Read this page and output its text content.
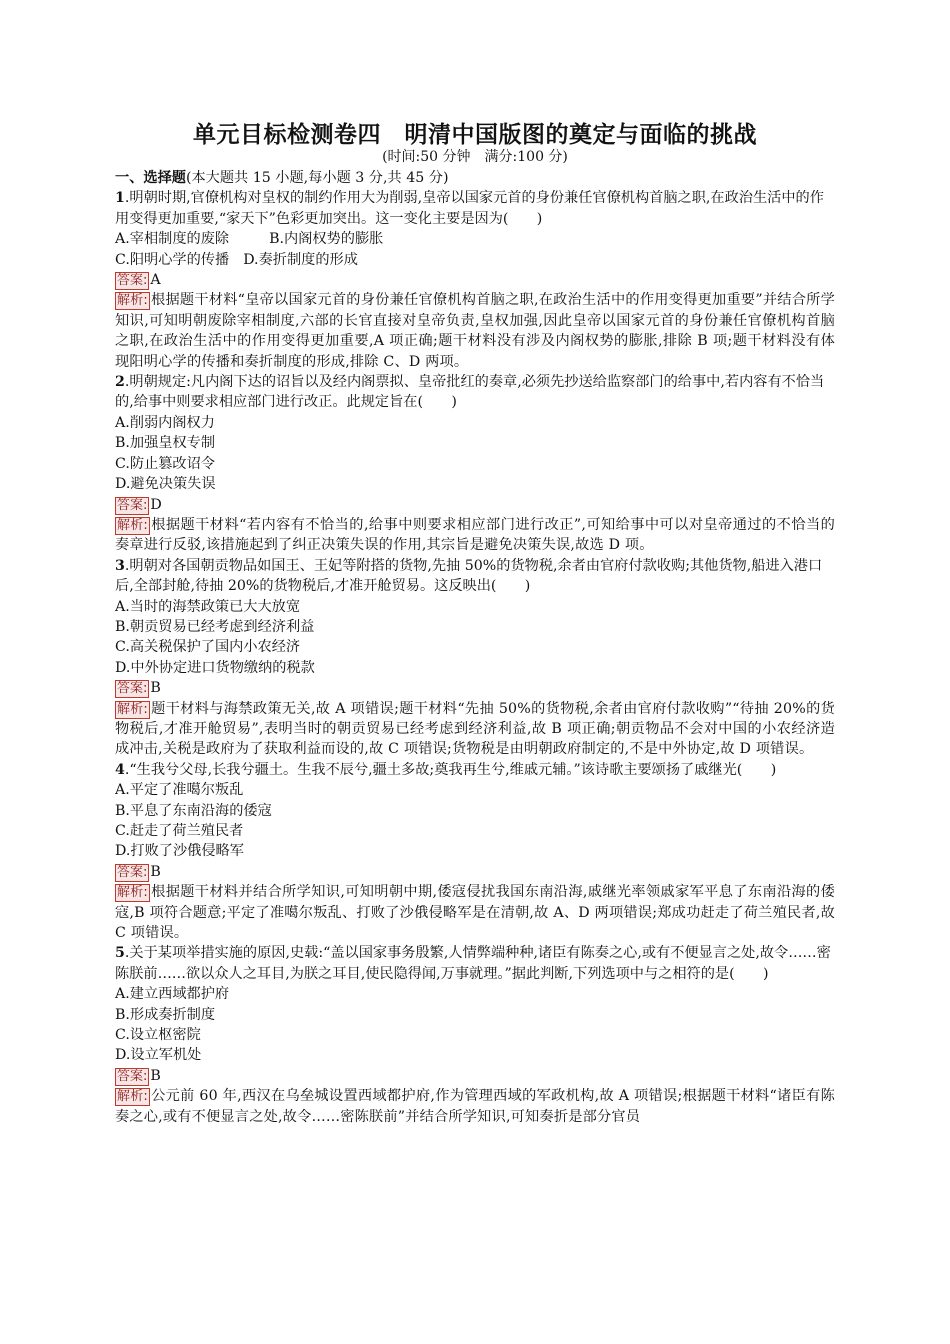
单元目标检测卷四　明清中国版图的奠定与面临的挑战
(时间:50 分钟　满分:100 分)
一、选择题(本大题共 15 小题,每小题 3 分,共 45 分)
1.明朝时期,官僚机构对皇权的制约作用大为削弱,皇帝以国家元首的身份兼任官僚机构首脑之职,在政治生活中的作用变得更加重要,“家天下”色彩更加突出。这一变化主要是因为(　　)
A.宰相制度的废除	B.内阁权势的膨胀
C.阳明心学的传播 D.奏折制度的形成
答案: A
解析: 根据题干材料“皇帝以国家元首的身份兼任官僚机构首脑之职,在政治生活中的作用变得更加重要”并结合所学知识,可知明朝废除宰相制度,六部的长官直接对皇帝负责,皇权加强,因此皇帝以国家元首的身份兼任官僚机构首脑之职,在政治生活中的作用变得更加重要,A 项正确;题干材料没有涉及内阁权势的膨胀,排除 B 项;题干材料没有体现阳明心学的传播和奏折制度的形成,排除 C、D 两项。
2.明朝规定:凡内阁下达的诏旨以及经内阁票拟、皇帝批红的奏章,必须先抄送给监察部门的给事中,若内容有不恰当的,给事中则要求相应部门进行改正。此规定旨在(　　)
A.削弱内阁权力
B.加强皇权专制
C.防止篡改诏令
D.避免决策失误
答案: D
解析: 根据题干材料“若内容有不恰当的,给事中则要求相应部门进行改正”,可知给事中可以对皇帝通过的不恰当的奏章进行反驳,该措施起到了纠正决策失误的作用,其宗旨是避免决策失误,故选 D 项。
3.明朝对各国朝贡物品如国王、王妃等附搭的货物,先抽 50%的货物税,余者由官府付款收购;其他货物,船进入港口后,全部封舱,待抽 20%的货物税后,才准开舱贸易。这反映出(　　)
A.当时的海禁政策已大大放宽
B.朝贡贸易已经考虑到经济利益
C.高关税保护了国内小农经济
D.中外协定进口货物缴纳的税款
答案: B
解析: 题干材料与海禁政策无关,故 A 项错误;题干材料“先抽 50%的货物税,余者由官府付款收购”“待抽 20%的货物税后,才准开舱贸易”,表明当时的朝贡贸易已经考虑到经济利益,故 B 项正确;朝贡物品不会对中国的小农经济造成冲击,关税是政府为了获取利益而设的,故 C 项错误;货物税是由明朝政府制定的,不是中外协定,故 D 项错误。
4.“生我兮父母,长我兮疆土。生我不辰兮,疆土多故;奠我再生兮,维戚元辅。”该诗歌主要颂扬了戚继光(　　)
A.平定了准噶尔叛乱
B.平息了东南沿海的倭寇
C.赶走了荷兰殖民者
D.打败了沙俄侵略军
答案: B
解析: 根据题干材料并结合所学知识,可知明朝中期,倭寇侵扰我国东南沿海,戚继光率领戚家军平息了东南沿海的倭寇,B 项符合题意;平定了准噶尔叛乱、打败了沙俄侵略军是在清朝,故 A、D 两项错误;郑成功赶走了荷兰殖民者,故 C 项错误。
5.关于某项举措实施的原因,史载:“盖以国家事务殷繁,人情弊端种种,诸臣有陈奏之心,或有不便显言之处,故令……密陈朕前……欲以众人之耳目,为朕之耳目,使民隐得闻,万事就理。”据此判断,下列选项中与之相符的是(　　)
A.建立西域都护府
B.形成奏折制度
C.设立枢密院
D.设立军机处
答案: B
解析: 公元前 60 年,西汉在乌垒城设置西域都护府,作为管理西域的军政机构,故 A 项错误;根据题干材料“诸臣有陈奏之心,或有不便显言之处,故令……密陈朕前”并结合所学知识,可知奏折是部分官员
